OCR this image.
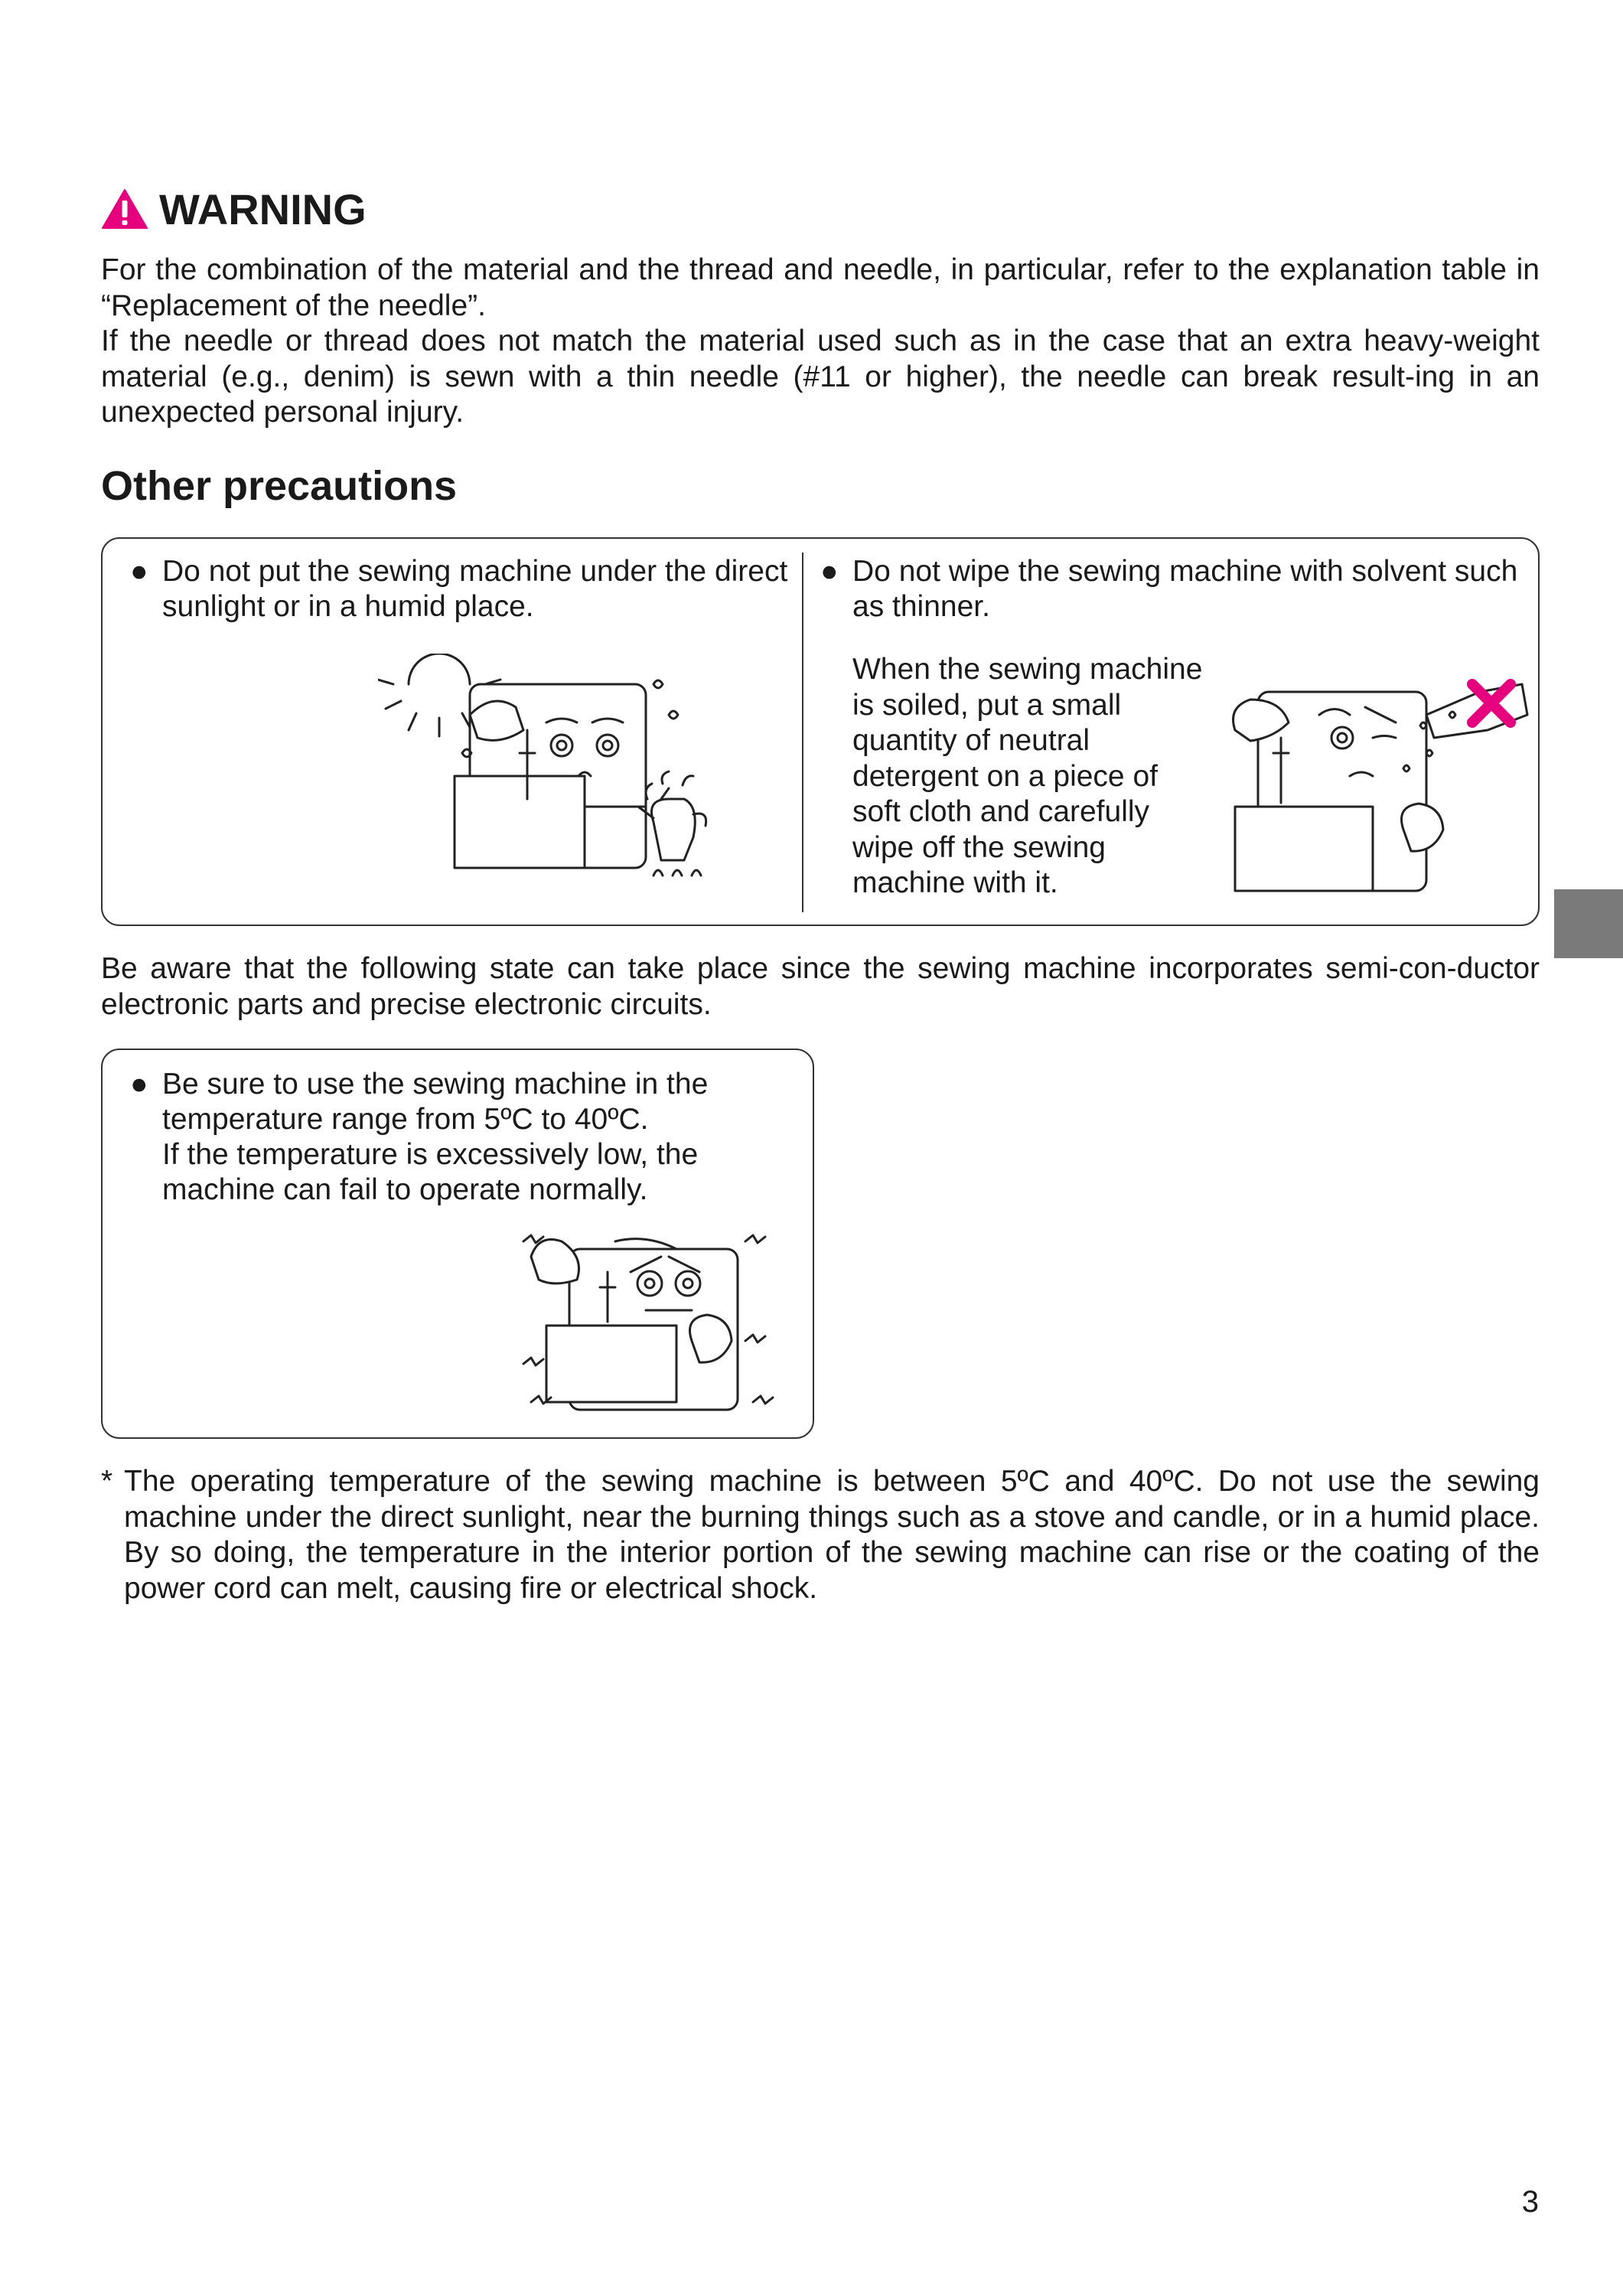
WARNING

For the combination of the material and the thread and needle, in particular, refer to the explanation table in “Replacement of the needle”.

If the needle or thread does not match the material used such as in the case that an extra heavy-weight material (e.g., denim) is sewn with a thin needle (#11 or higher), the needle can break result-ing in an unexpected personal injury.

Other precautions
● Do not put the sewing machine under the direct sunlight or in a humid place.
● Do not wipe the sewing machine with solvent such as thinner.
When the sewing machine is soiled, put a small quantity of neutral detergent on a piece of soft cloth and carefully wipe off the sewing machine with it.
Be aware that the following state can take place since the sewing machine incorporates semi-con-ductor electronic parts and precise electronic circuits.
● Be sure to use the sewing machine in the temperature range from 5ºC to 40ºC.
If the temperature is excessively low, the machine can fail to operate normally.
* The operating temperature of the sewing machine is between 5ºC and 40ºC. Do not use the sewing machine under the direct sunlight, near the burning things such as a stove and candle, or in a humid place. By so doing, the temperature in the interior portion of the sewing machine can rise or the coating of the power cord can melt, causing fire or electrical shock.
3
